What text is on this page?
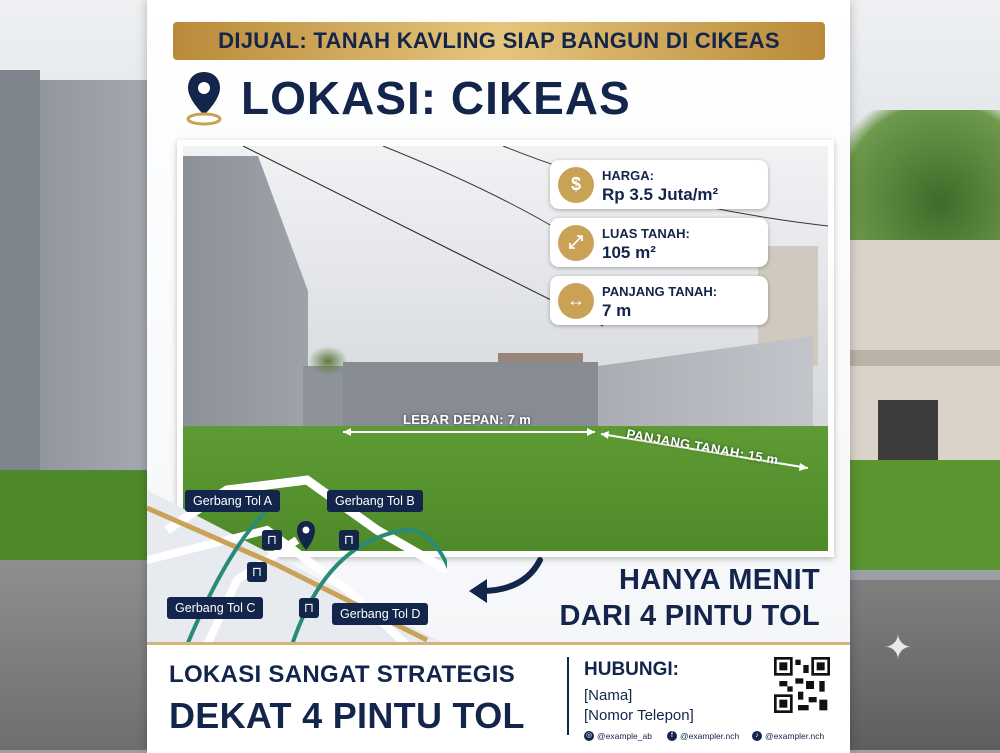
✦
DIJUAL: TANAH KAVLING SIAP BANGUN DI CIKEAS
LOKASI: CIKEAS
LEBAR DEPAN: 7 m
PANJANG TANAH: 15 m
$	HARGA:
Rp 3.5 Juta/m²
⤢	LUAS TANAH:
105 m²
↔	PANJANG TANAH:
7 m
Gerbang Tol A	Gerbang Tol B
Gerbang Tol C	Gerbang Tol D
⊓	⊓
⊓
⊓
HANYA MENIT
DARI 4 PINTU TOL
LOKASI SANGAT STRATEGIS
DEKAT 4 PINTU TOL
HUBUNGI:
[Nama]
[Nomor Telepon]
◎ @example_ab	f @exampler.nch	♪ @exampler.nch
